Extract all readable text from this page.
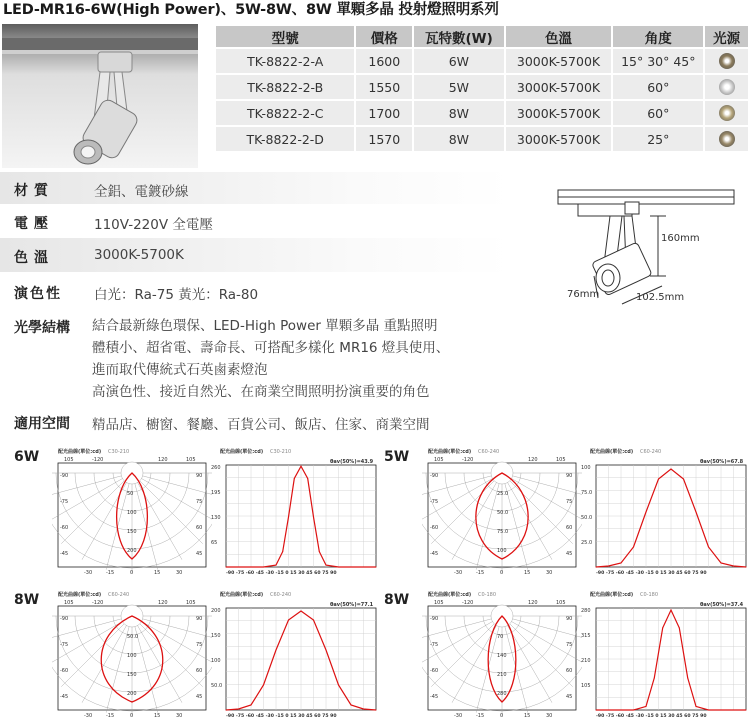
LED-MR16-6W(High Power)、5W-8W、8W 單顆多晶 投射燈照明系列
型號	價格	瓦特數(W)	色溫	角度	光源
TK-8822-2-A	1600	6W	3000K-5700K	15° 30° 45°	
TK-8822-2-B	1550	5W	3000K-5700K	60°	
TK-8822-2-C	1700	8W	3000K-5700K	60°	
TK-8822-2-D	1570	8W	3000K-5700K	25°	
材質	全鋁、電鍍砂線
電壓	110V-220V 全電壓
色溫	3000K-5700K
演色性 白光：Ra-75 黃光：Ra-80
光學結構 結合最新綠色環保、LED-High Power 單顆多晶 重點照明
體積小、超省電、壽命長、可搭配多樣化 MR16 燈具使用、
進而取代傳統式石英鹵素燈泡
高演色性、接近自然光、在商業空間照明扮演重要的角色
適用空間 精品店、櫥窗、餐廳、百貨公司、飯店、住家、商業空間
160mm
76mm	102.5mm
6W	配光曲線(單位:cd) C30-210
105	-120	120	105
50
100
150
200
-90
-75
-60
-45
90
75
60
45
-30	-15	0	15	30
配光曲線(單位:cd) C30-210
θav(50%)=43.9
260
195
130
65
-90 -75 -60 -45 -30 -15 0 15 30 45 60 75 90
5W	配光曲線(單位:cd) C60-240
105	-120	120	105
25.0
50.0
75.0
100
-90
-75
-60
-45
90
75
60
45
-30	-15	0	15	30
配光曲線(單位:cd) C60-240
θav(50%)=67.8
100
75.0
50.0
25.0
-90 -75 -60 -45 -30 -15 0 15 30 45 60 75 90
8W	配光曲線(單位:cd) C60-240
105	-120	120	105
50.0
100
150
200
-90
-75
-60
-45
90
75
60
45
-30	-15	0	15	30
配光曲線(單位:cd) C60-240
θav(50%)=77.1
200
150
100
50.0
-90 -75 -60 -45 -30 -15 0 15 30 45 60 75 90
8W	配光曲線(單位:cd) C0-180
105	-120	120	105
70
140
210
280
-90
-75
-60
-45
90
75
60
45
-30	-15	0	15	30
配光曲線(單位:cd) C0-180
θav(50%)=37.4
280
315
210
105
-90 -75 -60 -45 -30 -15 0 15 30 45 60 75 90
